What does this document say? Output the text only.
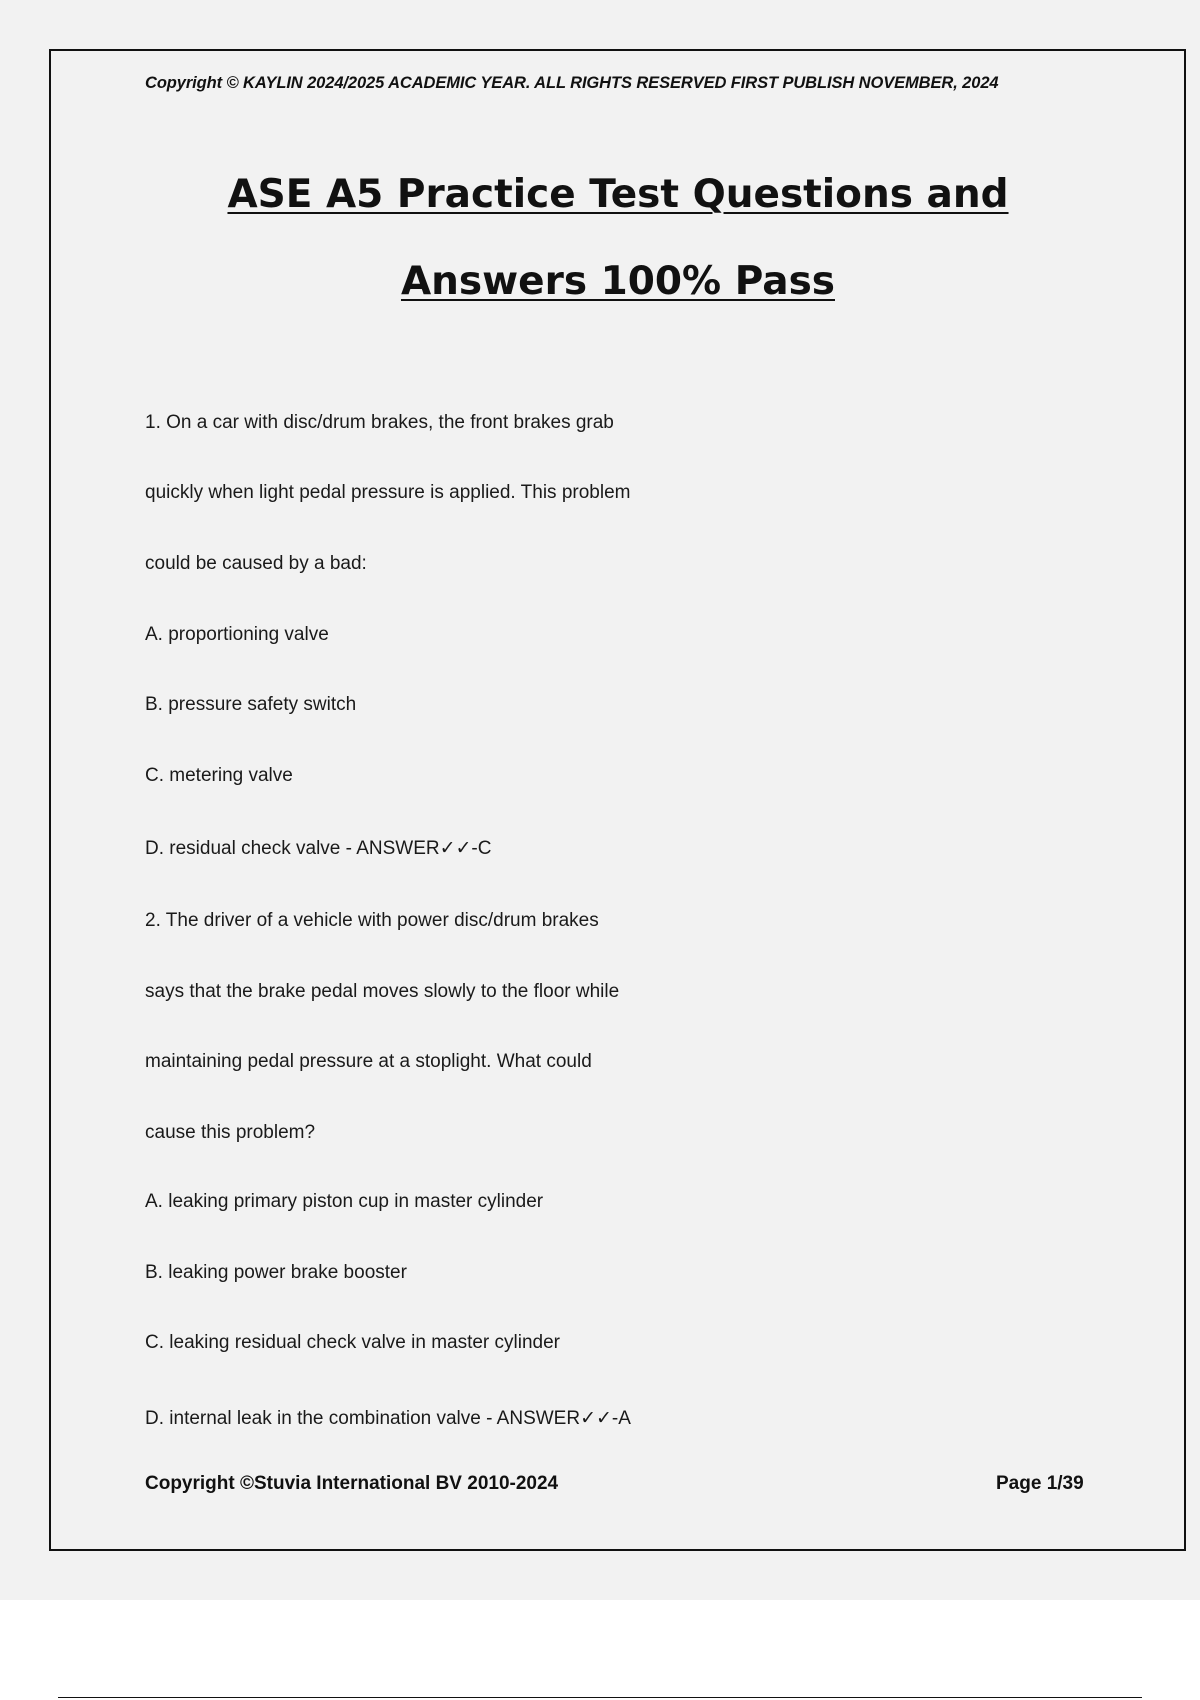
Copyright © KAYLIN 2024/2025 ACADEMIC YEAR. ALL RIGHTS RESERVED FIRST PUBLISH NOVEMBER, 2024
ASE A5 Practice Test Questions and
Answers 100% Pass
1. On a car with disc/drum brakes, the front brakes grab
quickly when light pedal pressure is applied. This problem
could be caused by a bad:
A. proportioning valve
B. pressure safety switch
C. metering valve
D. residual check valve - ANSWER✓✓-C
2. The driver of a vehicle with power disc/drum brakes
says that the brake pedal moves slowly to the floor while
maintaining pedal pressure at a stoplight. What could
cause this problem?
A. leaking primary piston cup in master cylinder
B. leaking power brake booster
C. leaking residual check valve in master cylinder
D. internal leak in the combination valve - ANSWER✓✓-A
Copyright ©Stuvia International BV 2010-2024	Page 1/39
